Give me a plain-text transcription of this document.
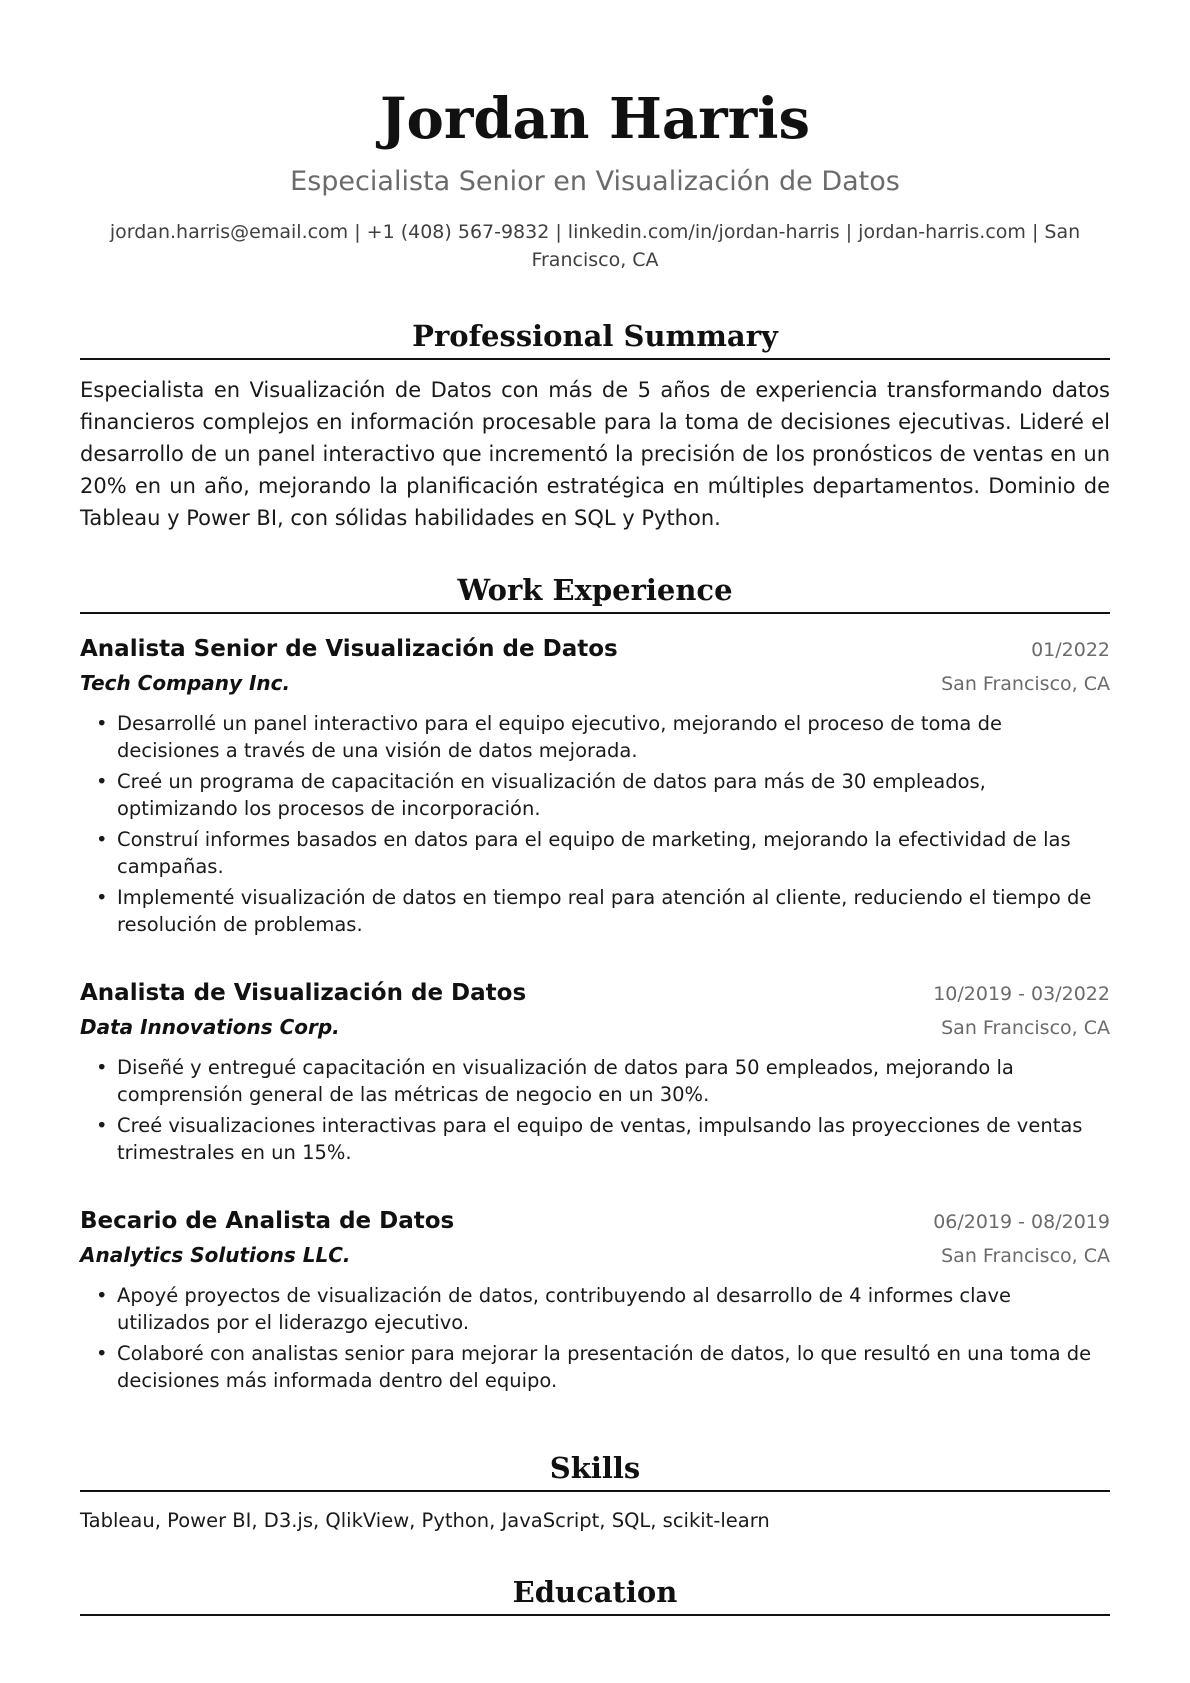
Jordan Harris
Especialista Senior en Visualización de Datos
jordan.harris@email.com | +1 (408) 567-9832 | linkedin.com/in/jordan-harris | jordan-harris.com | San Francisco, CA
Professional Summary
Especialista en Visualización de Datos con más de 5 años de experiencia transformando datos financieros complejos en información procesable para la toma de decisiones ejecutivas. Lideré el desarrollo de un panel interactivo que incrementó la precisión de los pronósticos de ventas en un 20% en un año, mejorando la planificación estratégica en múltiples departamentos. Dominio de Tableau y Power BI, con sólidas habilidades en SQL y Python.
Work Experience
Analista Senior de Visualización de Datos	01/2022
Tech Company Inc.	San Francisco, CA
• Desarrollé un panel interactivo para el equipo ejecutivo, mejorando el proceso de toma de decisiones a través de una visión de datos mejorada.
• Creé un programa de capacitación en visualización de datos para más de 30 empleados, optimizando los procesos de incorporación.
• Construí informes basados en datos para el equipo de marketing, mejorando la efectividad de las campañas.
• Implementé visualización de datos en tiempo real para atención al cliente, reduciendo el tiempo de resolución de problemas.
Analista de Visualización de Datos	10/2019 - 03/2022
Data Innovations Corp.	San Francisco, CA
• Diseñé y entregué capacitación en visualización de datos para 50 empleados, mejorando la comprensión general de las métricas de negocio en un 30%.
• Creé visualizaciones interactivas para el equipo de ventas, impulsando las proyecciones de ventas trimestrales en un 15%.
Becario de Analista de Datos	06/2019 - 08/2019
Analytics Solutions LLC.	San Francisco, CA
• Apoyé proyectos de visualización de datos, contribuyendo al desarrollo de 4 informes clave utilizados por el liderazgo ejecutivo.
• Colaboré con analistas senior para mejorar la presentación de datos, lo que resultó en una toma de decisiones más informada dentro del equipo.
Skills
Tableau, Power BI, D3.js, QlikView, Python, JavaScript, SQL, scikit-learn
Education
